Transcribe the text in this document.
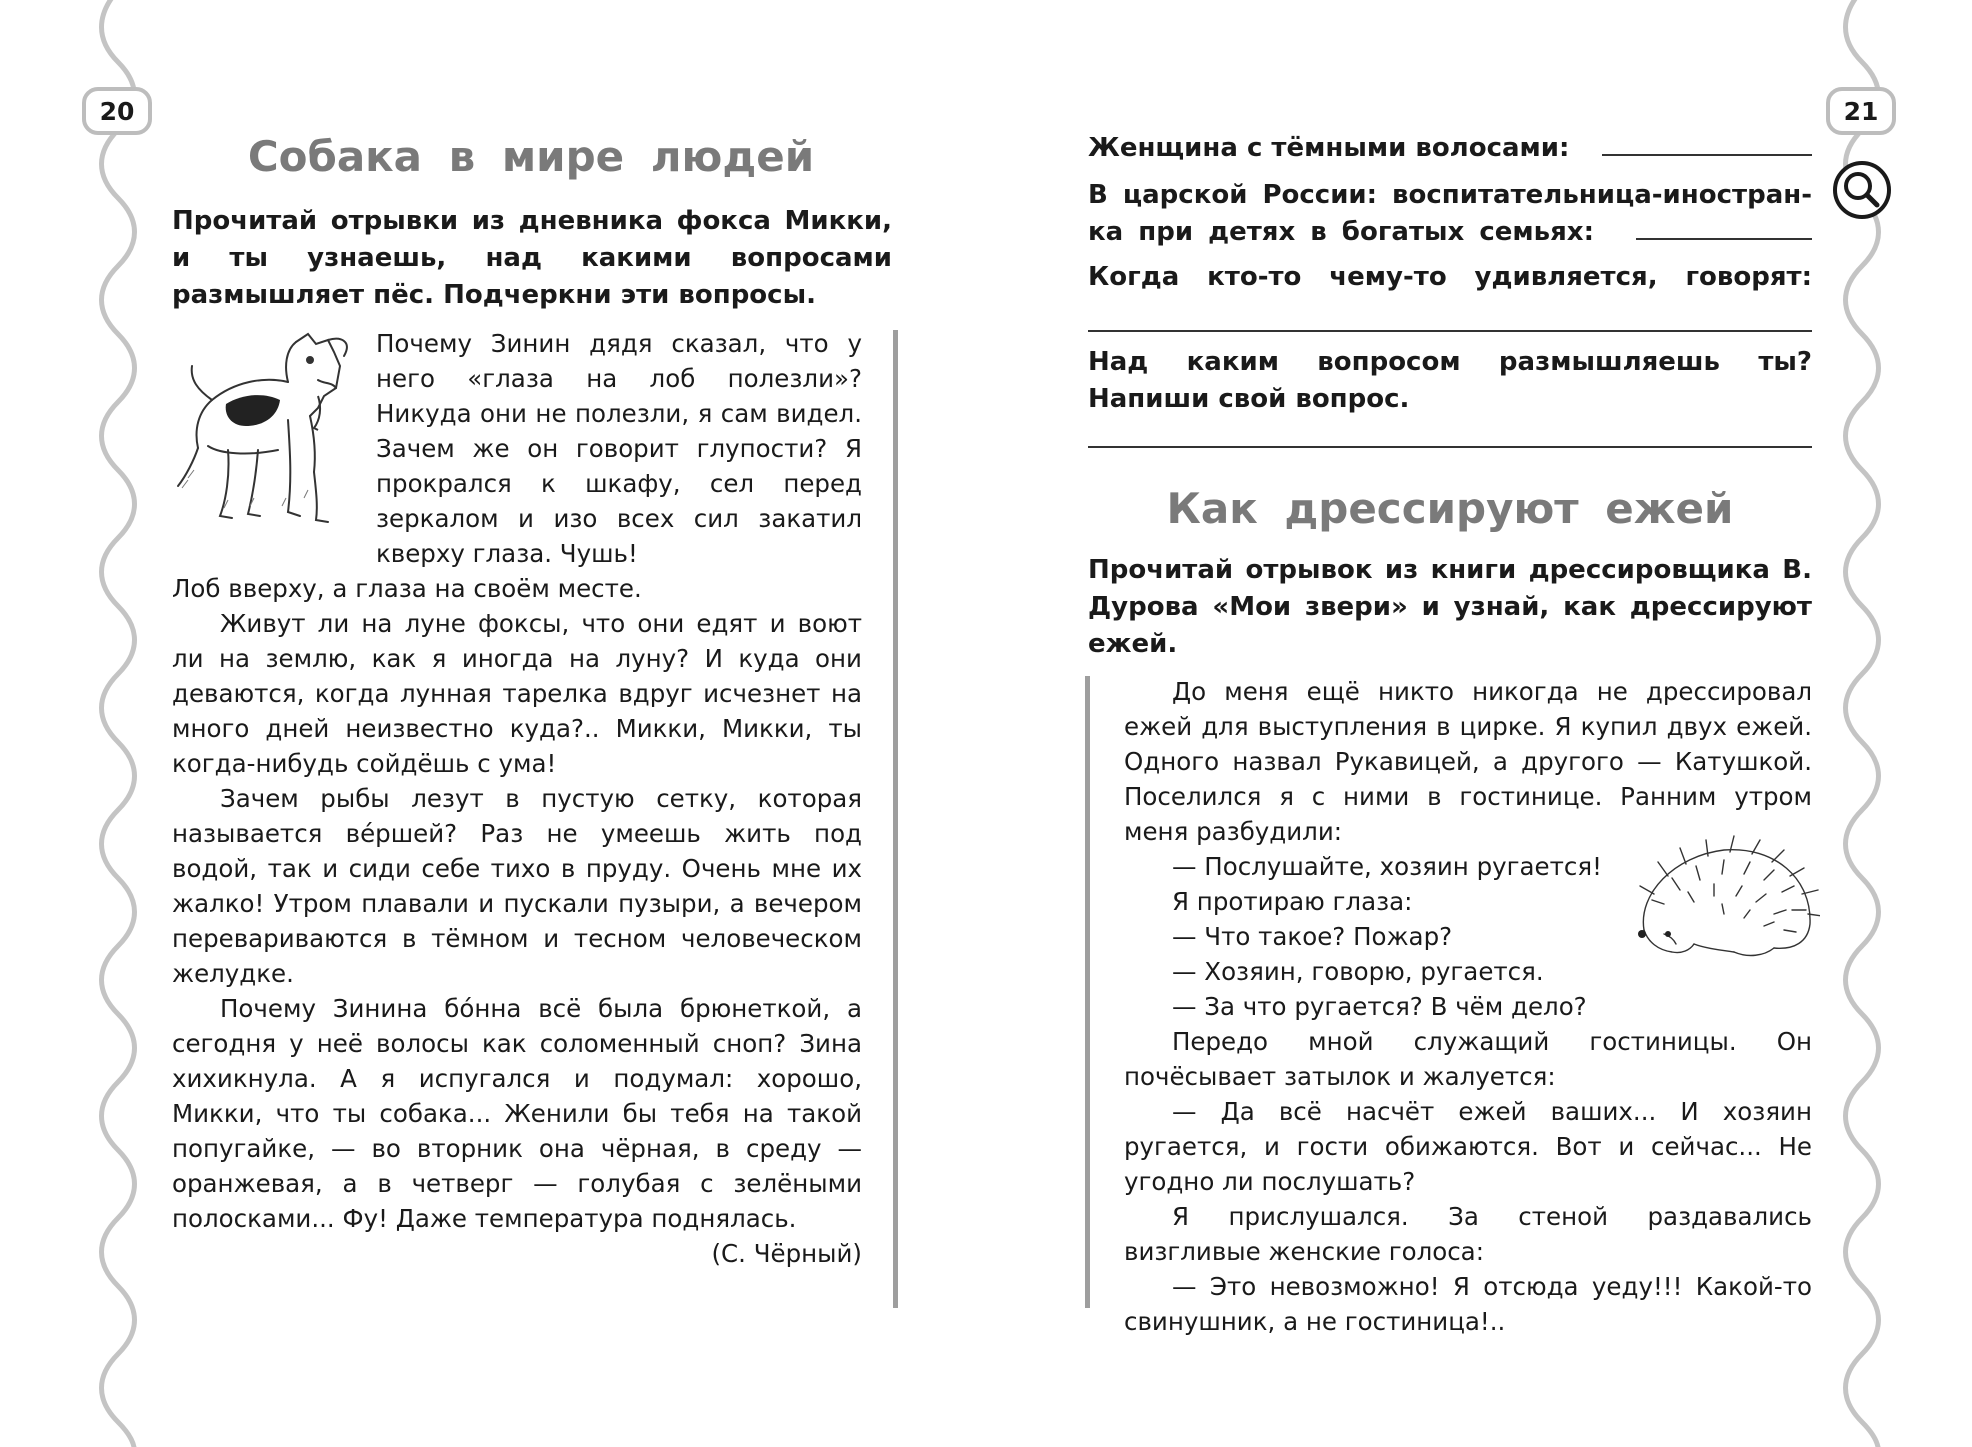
20	21
Собака в мире людей

Прочитай отрывки из дневника фокса Микки, и ты узнаешь, над какими вопросами размышляет пёс. Подчеркни эти вопросы.

Почему Зинин дядя сказал, что у него «глаза на лоб полезли»? Никуда они не полезли, я сам видел. Зачем же он говорит глупости? Я прокрался к шкафу, сел перед зеркалом и изо всех сил закатил кверху глаза. Чушь!

Лоб вверху, а глаза на своём месте.

Живут ли на луне фоксы, что они едят и воют ли на землю, как я иногда на луну? И куда они деваются, когда лунная тарелка вдруг исчезнет на много дней неизвестно куда?.. Микки, Микки, ты когда-нибудь сойдёшь с ума!

Зачем рыбы лезут в пустую сетку, которая называется ве́ршей? Раз не умеешь жить под водой, так и сиди себе тихо в пруду. Очень мне их жалко! Утром плавали и пускали пузыри, а вечером перевариваются в тёмном и тесном человеческом желудке.

Почему Зинина бо́нна всё была брюнеткой, а сегодня у неё волосы как соломенный сноп? Зина хихикнула. А я испугался и подумал: хорошо, Микки, что ты собака... Женили бы тебя на такой попугайке, — во вторник она чёрная, в среду — оранжевая, а в четверг — голубая с зелёными полосками... Фу! Даже температура поднялась.

(С. Чёрный)

Женщина с тёмными волосами:
В царской России: воспитательница-иностран-
ка при детях в богатых семьях:
Когда кто-то чему-то удивляется, говорят:

Над каким вопросом размышляешь ты? Напиши свой вопрос.

Как дрессируют ежей

Прочитай отрывок из книги дрессировщика В. Дурова «Мои звери» и узнай, как дрессируют ежей.

До меня ещё никто никогда не дрессировал ежей для выступления в цирке. Я купил двух ежей. Одного назвал Рукавицей, а другого — Катушкой. Поселился я с ними в гостинице. Ранним утром меня разбудили:

— Послушайте, хозяин ругается!

Я протираю глаза:

— Что такое? Пожар?

— Хозяин, говорю, ругается.

— За что ругается? В чём дело?

Передо мной служащий гостиницы. Он почёсывает затылок и жалуется:

— Да всё насчёт ежей ваших... И хозяин ругается, и гости обижаются. Вот и сейчас... Не угодно ли послушать?

Я прислушался. За стеной раздавались визгливые женские голоса:

— Это невозможно! Я отсюда уеду!!! Какой-то свинушник, а не гостиница!..
